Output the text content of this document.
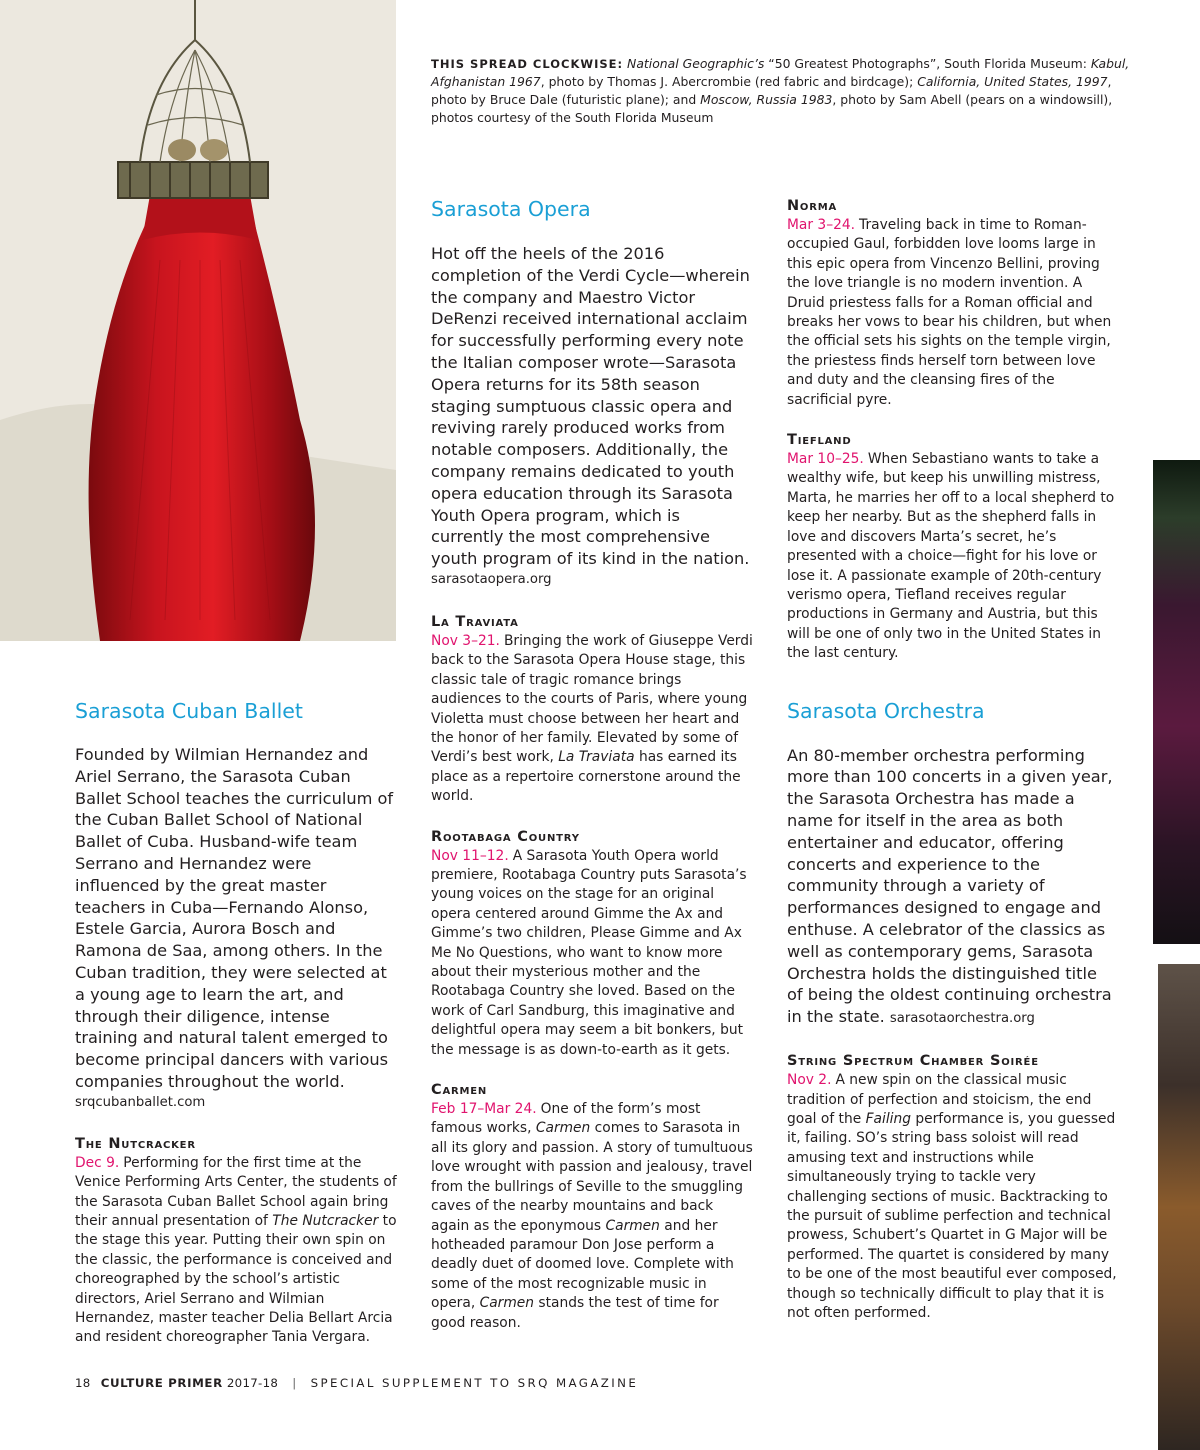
THIS SPREAD CLOCKWISE: National Geographic’s “50 Greatest Photographs”, South Florida Museum: Kabul, Afghanistan 1967, photo by Thomas J. Abercrombie (red fabric and birdcage); California, United States, 1997, photo by Bruce Dale (futuristic plane); and Moscow, Russia 1983, photo by Sam Abell (pears on a windowsill), photos courtesy of the South Florida Museum
Sarasota Cuban Ballet

Founded by Wilmian Hernandez and Ariel Serrano, the Sarasota Cuban Ballet School teaches the curriculum of the Cuban Ballet School of National Ballet of Cuba. Husband-wife team Serrano and Hernandez were influenced by the great master teachers in Cuba—Fernando Alonso, Estele Garcia, Aurora Bosch and Ramona de Saa, among others. In the Cuban tradition, they were selected at a young age to learn the art, and through their diligence, intense training and natural talent emerged to become principal dancers with various companies throughout the world.

srqcubanballet.com
The Nutcracker

Dec 9. Performing for the first time at the Venice Performing Arts Center, the students of the Sarasota Cuban Ballet School again bring their annual presentation of The Nutcracker to the stage this year. Putting their own spin on the classic, the performance is conceived and choreographed by the school’s artistic directors, Ariel Serrano and Wilmian Hernandez, master teacher Delia Bellart Arcia and resident choreographer Tania Vergara.

Sarasota Opera

Hot off the heels of the 2016 completion of the Verdi Cycle—wherein the company and Maestro Victor DeRenzi received international acclaim for successfully performing every note the Italian composer wrote—Sarasota Opera returns for its 58th season staging sumptuous classic opera and reviving rarely produced works from notable composers. Additionally, the company remains dedicated to youth opera education through its Sarasota Youth Opera program, which is currently the most comprehensive youth program of its kind in the nation.

sarasotaopera.org
La Traviata

Nov 3–21. Bringing the work of Giuseppe Verdi back to the Sarasota Opera House stage, this classic tale of tragic romance brings audiences to the courts of Paris, where young Violetta must choose between her heart and the honor of her family. Elevated by some of Verdi’s best work, La Traviata has earned its place as a repertoire cornerstone around the world.

Rootabaga Country

Nov 11–12. A Sarasota Youth Opera world premiere, Rootabaga Country puts Sarasota’s young voices on the stage for an original opera centered around Gimme the Ax and Gimme’s two children, Please Gimme and Ax Me No Questions, who want to know more about their mysterious mother and the Rootabaga Country she loved. Based on the work of Carl Sandburg, this imaginative and delightful opera may seem a bit bonkers, but the message is as down-to-earth as it gets.

Carmen

Feb 17–Mar 24. One of the form’s most famous works, Carmen comes to Sarasota in all its glory and passion. A story of tumultuous love wrought with passion and jealousy, travel from the bullrings of Seville to the smuggling caves of the nearby mountains and back again as the eponymous Carmen and her hotheaded paramour Don Jose perform a deadly duet of doomed love. Complete with some of the most recognizable music in opera, Carmen stands the test of time for good reason.

Norma

Mar 3–24. Traveling back in time to Roman-occupied Gaul, forbidden love looms large in this epic opera from Vincenzo Bellini, proving the love triangle is no modern invention. A Druid priestess falls for a Roman official and breaks her vows to bear his children, but when the official sets his sights on the temple virgin, the priestess finds herself torn between love and duty and the cleansing fires of the sacrificial pyre.

Tiefland

Mar 10–25. When Sebastiano wants to take a wealthy wife, but keep his unwilling mistress, Marta, he marries her off to a local shepherd to keep her nearby. But as the shepherd falls in love and discovers Marta’s secret, he’s presented with a choice—fight for his love or lose it. A passionate example of 20th-century verismo opera, Tiefland receives regular productions in Germany and Austria, but this will be one of only two in the United States in the last century.

Sarasota Orchestra

An 80-member orchestra performing more than 100 concerts in a given year, the Sarasota Orchestra has made a name for itself in the area as both entertainer and educator, offering concerts and experience to the community through a variety of performances designed to engage and enthuse. A celebrator of the classics as well as contemporary gems, Sarasota Orchestra holds the distinguished title of being the oldest continuing orchestra in the state. sarasotaorchestra.org

String Spectrum Chamber Soirée

Nov 2. A new spin on the classical music tradition of perfection and stoicism, the end goal of the Failing performance is, you guessed it, failing. SO’s string bass soloist will read amusing text and instructions while simultaneously trying to tackle very challenging sections of music. Backtracking to the pursuit of sublime perfection and technical prowess, Schubert’s Quartet in G Major will be performed. The quartet is considered by many to be one of the most beautiful ever composed, though so technically difficult to play that it is not often performed.

18 CULTURE PRIMER 2017-18 | SPECIAL SUPPLEMENT TO SRQ MAGAZINE
